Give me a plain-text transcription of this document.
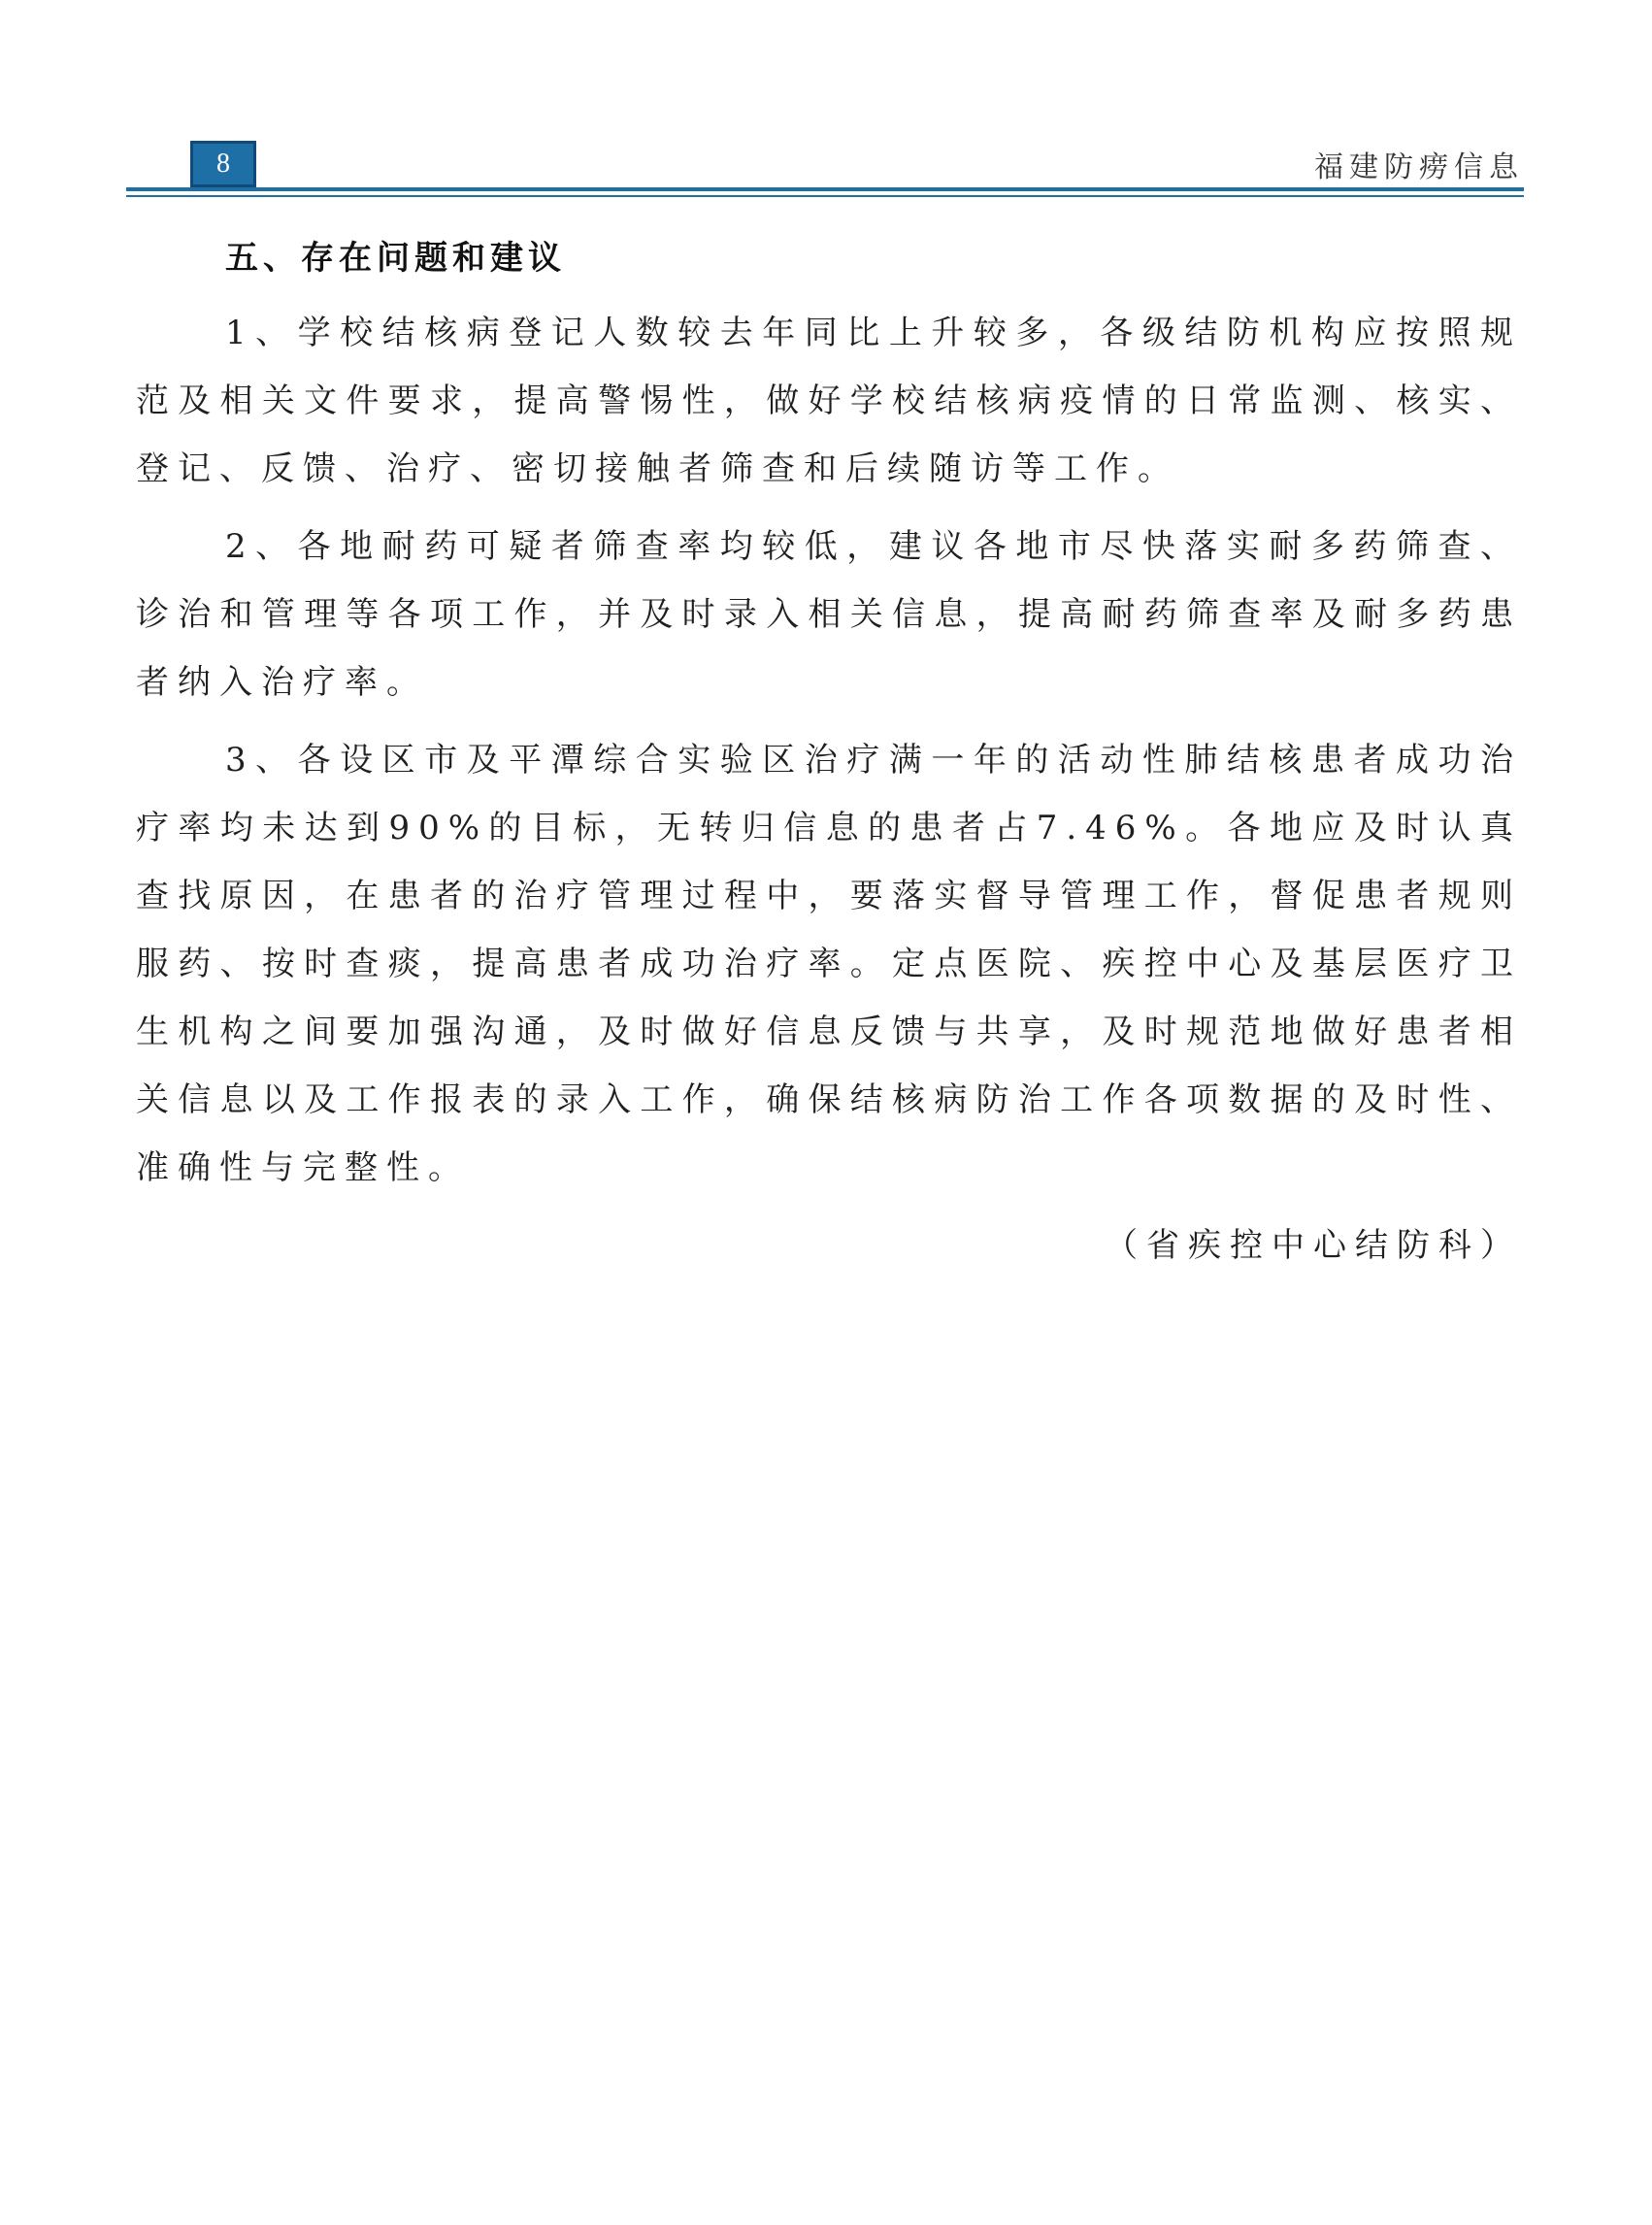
8	福建防痨信息
五、存在问题和建议

1、学校结核病登记人数较去年同比上升较多，各级结防机构应按照规范及相关文件要求，提高警惕性，做好学校结核病疫情的日常监测、核实、登记、反馈、治疗、密切接触者筛查和后续随访等工作。

2、各地耐药可疑者筛查率均较低，建议各地市尽快落实耐多药筛查、诊治和管理等各项工作，并及时录入相关信息，提高耐药筛查率及耐多药患者纳入治疗率。

3、各设区市及平潭综合实验区治疗满一年的活动性肺结核患者成功治疗率均未达到90%的目标，无转归信息的患者占7.46%。各地应及时认真查找原因，在患者的治疗管理过程中，要落实督导管理工作，督促患者规则服药、按时查痰，提高患者成功治疗率。定点医院、疾控中心及基层医疗卫生机构之间要加强沟通，及时做好信息反馈与共享，及时规范地做好患者相关信息以及工作报表的录入工作，确保结核病防治工作各项数据的及时性、准确性与完整性。

（省疾控中心结防科）
